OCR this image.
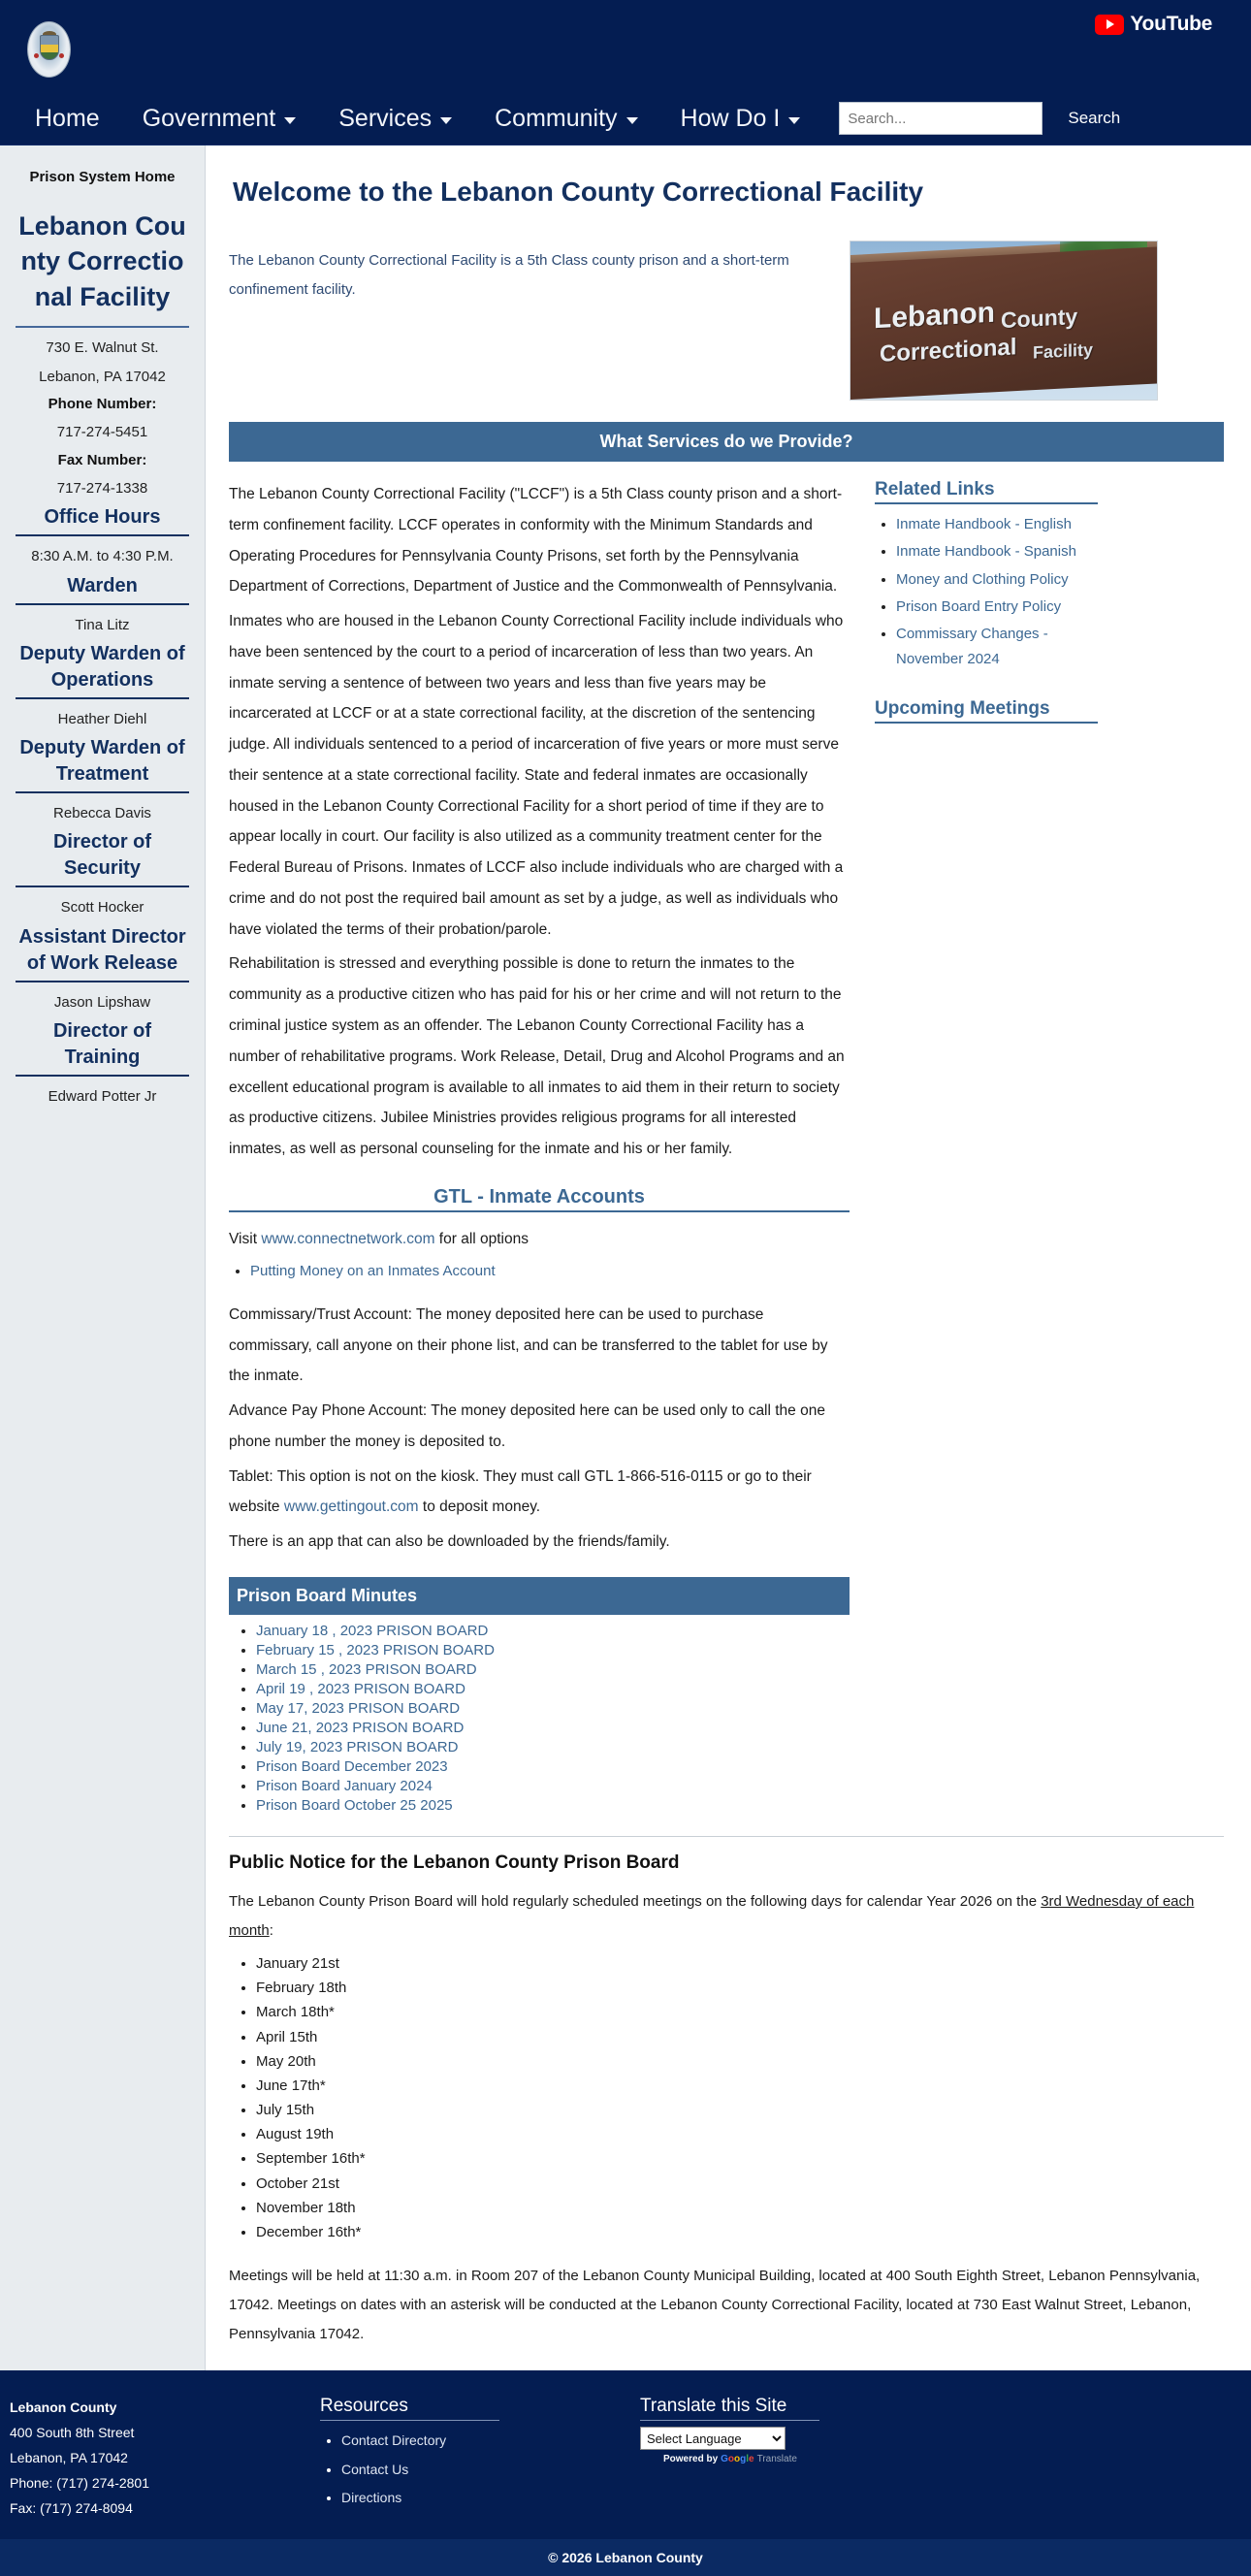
YouTube
Home Government	Services	Community	How Do I
Search...	Search
Prison System Home
Lebanon County Correctional Facility
730 E. Walnut St.
Lebanon, PA 17042
Phone Number:
717-274-5451
Fax Number:
717-274-1338
Office Hours
8:30 A.M. to 4:30 P.M.
Warden
Tina Litz
Deputy Warden of Operations
Heather Diehl
Deputy Warden of Treatment
Rebecca Davis
Director of Security
Scott Hocker
Assistant Director of Work Release
Jason Lipshaw
Director of Training
Edward Potter Jr
Welcome to the Lebanon County Correctional Facility
The Lebanon County Correctional Facility is a 5th Class county prison and a short-term confinement facility.
Lebanon County
Correctional Facility
What Services do we Provide?

The Lebanon County Correctional Facility ("LCCF") is a 5th Class county prison and a short-term confinement facility. LCCF operates in conformity with the Minimum Standards and Operating Procedures for Pennsylvania County Prisons, set forth by the Pennsylvania Department of Corrections, Department of Justice and the Commonwealth of Pennsylvania.

Inmates who are housed in the Lebanon County Correctional Facility include individuals who have been sentenced by the court to a period of incarceration of less than two years. An inmate serving a sentence of between two years and less than five years may be incarcerated at LCCF or at a state correctional facility, at the discretion of the sentencing judge. All individuals sentenced to a period of incarceration of five years or more must serve their sentence at a state correctional facility. State and federal inmates are occasionally housed in the Lebanon County Correctional Facility for a short period of time if they are to appear locally in court. Our facility is also utilized as a community treatment center for the Federal Bureau of Prisons. Inmates of LCCF also include individuals who are charged with a crime and do not post the required bail amount as set by a judge, as well as individuals who have violated the terms of their probation/parole.

Rehabilitation is stressed and everything possible is done to return the inmates to the community as a productive citizen who has paid for his or her crime and will not return to the criminal justice system as an offender. The Lebanon County Correctional Facility has a number of rehabilitative programs. Work Release, Detail, Drug and Alcohol Programs and an excellent educational program is available to all inmates to aid them in their return to society as productive citizens. Jubilee Ministries provides religious programs for all interested inmates, as well as personal counseling for the inmate and his or her family.

GTL - Inmate Accounts

Visit www.connectnetwork.com for all options

• Putting Money on an Inmates Account

Commissary/Trust Account: The money deposited here can be used to purchase commissary, call anyone on their phone list, and can be transferred to the tablet for use by the inmate.

Advance Pay Phone Account: The money deposited here can be used only to call the one phone number the money is deposited to.

Tablet: This option is not on the kiosk. They must call GTL 1-866-516-0115 or go to their website www.gettingout.com to deposit money.

There is an app that can also be downloaded by the friends/family.

Prison Board Minutes
• January 18 , 2023 PRISON BOARD
• February 15 , 2023 PRISON BOARD
• March 15 , 2023 PRISON BOARD
• April 19 , 2023 PRISON BOARD
• May 17, 2023 PRISON BOARD
• June 21, 2023 PRISON BOARD
• July 19, 2023 PRISON BOARD
• Prison Board December 2023
• Prison Board January 2024
• Prison Board October 25 2025
Related Links
• Inmate Handbook - English
• Inmate Handbook - Spanish
• Money and Clothing Policy
• Prison Board Entry Policy
• Commissary Changes - November 2024
Upcoming Meetings
Public Notice for the Lebanon County Prison Board

The Lebanon County Prison Board will hold regularly scheduled meetings on the following days for calendar Year 2026 on the 3rd Wednesday of each month:

• January 21st
• February 18th
• March 18th*
• April 15th
• May 20th
• June 17th*
• July 15th
• August 19th
• September 16th*
• October 21st
• November 18th
• December 16th*

Meetings will be held at 11:30 a.m. in Room 207 of the Lebanon County Municipal Building, located at 400 South Eighth Street, Lebanon Pennsylvania, 17042. Meetings on dates with an asterisk will be conducted at the Lebanon County Correctional Facility, located at 730 East Walnut Street, Lebanon, Pennsylvania 17042.

Lebanon County
400 South 8th Street
Lebanon, PA 17042
Phone: (717) 274-2801
Fax: (717) 274-8094
Resources
• Contact Directory
• Contact Us
• Directions
Translate this Site
Select Language
Powered by Google Translate
© 2026 Lebanon County
